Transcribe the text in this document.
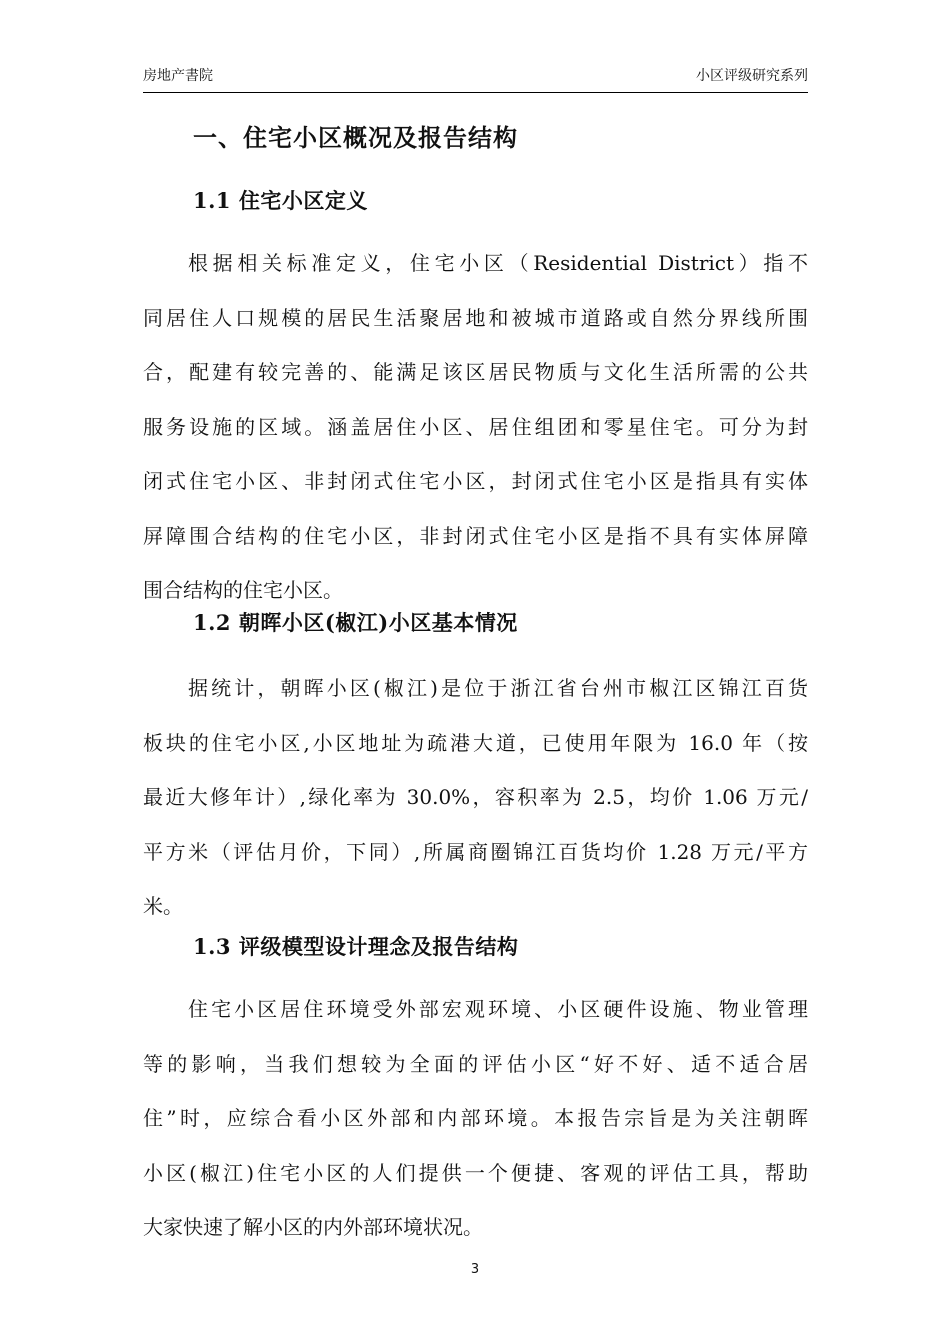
房地产書院	小区评级研究系列
一、住宅小区概况及报告结构
1.1 住宅小区定义

根据相关标准定义，住宅小区（Residential District）指不
同居住人口规模的居民生活聚居地和被城市道路或自然分界线所围
合，配建有较完善的、能满足该区居民物质与文化生活所需的公共
服务设施的区域。涵盖居住小区、居住组团和零星住宅。可分为封
闭式住宅小区、非封闭式住宅小区，封闭式住宅小区是指具有实体
屏障围合结构的住宅小区，非封闭式住宅小区是指不具有实体屏障
围合结构的住宅小区。

1.2 朝晖小区(椒江)小区基本情况

据统计，朝晖小区(椒江)是位于浙江省台州市椒江区锦江百货
板块的住宅小区,小区地址为疏港大道，已使用年限为 16.0 年（按
最近大修年计）,绿化率为 30.0%，容积率为 2.5，均价 1.06 万元/
平方米（评估月价，下同）,所属商圈锦江百货均价 1.28 万元/平方
米。

1.3 评级模型设计理念及报告结构

住宅小区居住环境受外部宏观环境、小区硬件设施、物业管理
等的影响，当我们想较为全面的评估小区“好不好、适不适合居
住”时，应综合看小区外部和内部环境。本报告宗旨是为关注朝晖
小区(椒江)住宅小区的人们提供一个便捷、客观的评估工具，帮助
大家快速了解小区的内外部环境状况。

3
